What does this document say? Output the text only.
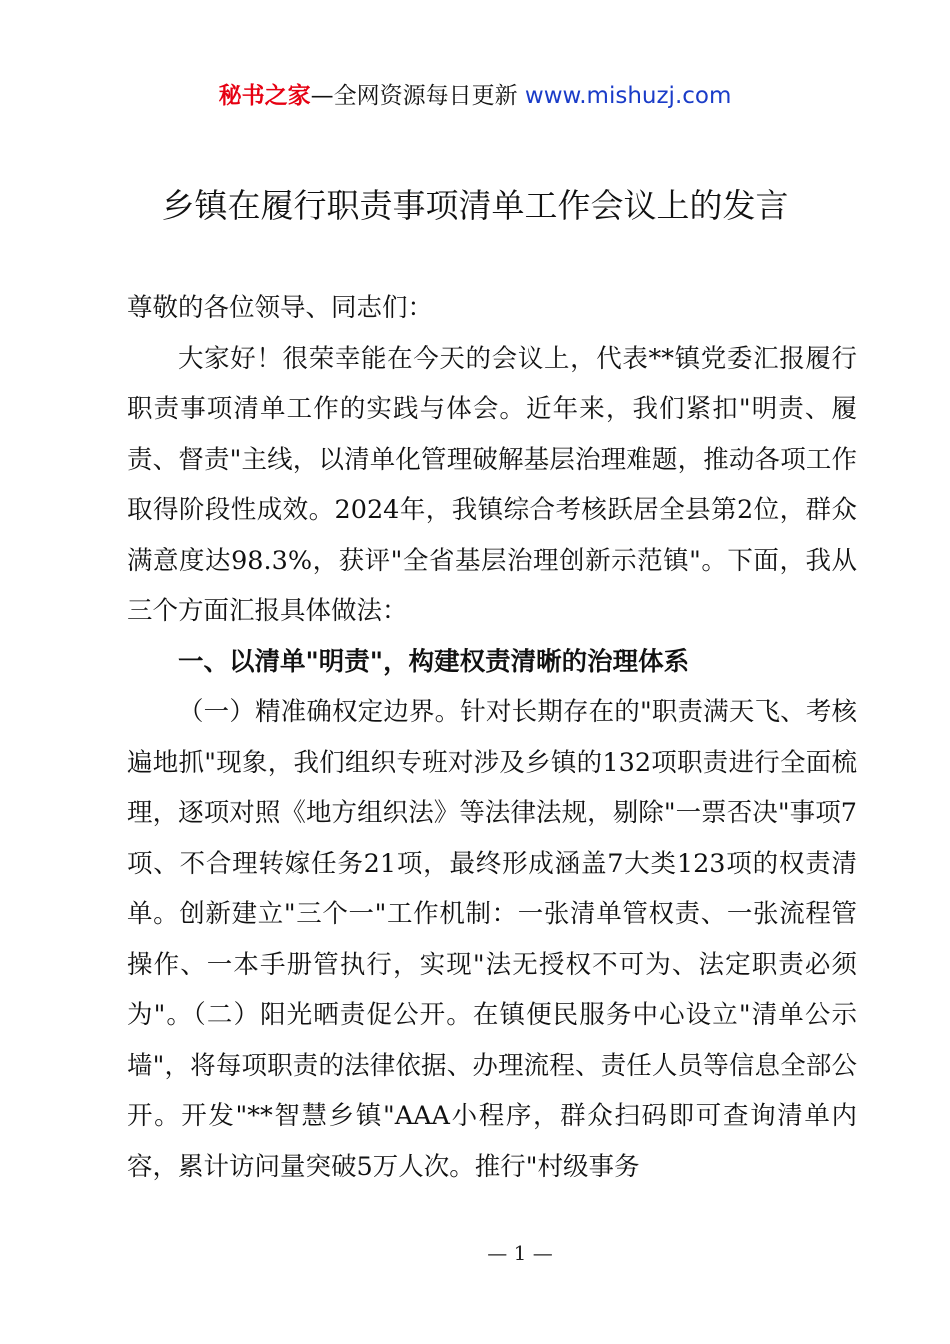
秘书之家—全网资源每日更新 www.mishuzj.com
乡镇在履行职责事项清单工作会议上的发言

尊敬的各位领导、同志们：

大家好！很荣幸能在今天的会议上，代表**镇党委汇报履行职责事项清单工作的实践与体会。近年来，我们紧扣"明责、履责、督责"主线，以清单化管理破解基层治理难题，推动各项工作取得阶段性成效。2024年，我镇综合考核跃居全县第2位，群众满意度达98.3%，获评"全省基层治理创新示范镇"。下面，我从三个方面汇报具体做法：

一、以清单"明责"，构建权责清晰的治理体系

（一）精准确权定边界。针对长期存在的"职责满天飞、考核遍地抓"现象，我们组织专班对涉及乡镇的132项职责进行全面梳理，逐项对照《地方组织法》等法律法规，剔除"一票否决"事项7项、不合理转嫁任务21项，最终形成涵盖7大类123项的权责清单。创新建立"三个一"工作机制：一张清单管权责、一张流程管操作、一本手册管执行，实现"法无授权不可为、法定职责必须为"。（二）阳光晒责促公开。在镇便民服务中心设立"清单公示墙"，将每项职责的法律依据、办理流程、责任人员等信息全部公开。开发"**智慧乡镇"AAA小程序，群众扫码即可查询清单内容，累计访问量突破5万人次。推行"村级事务

— 1 —
